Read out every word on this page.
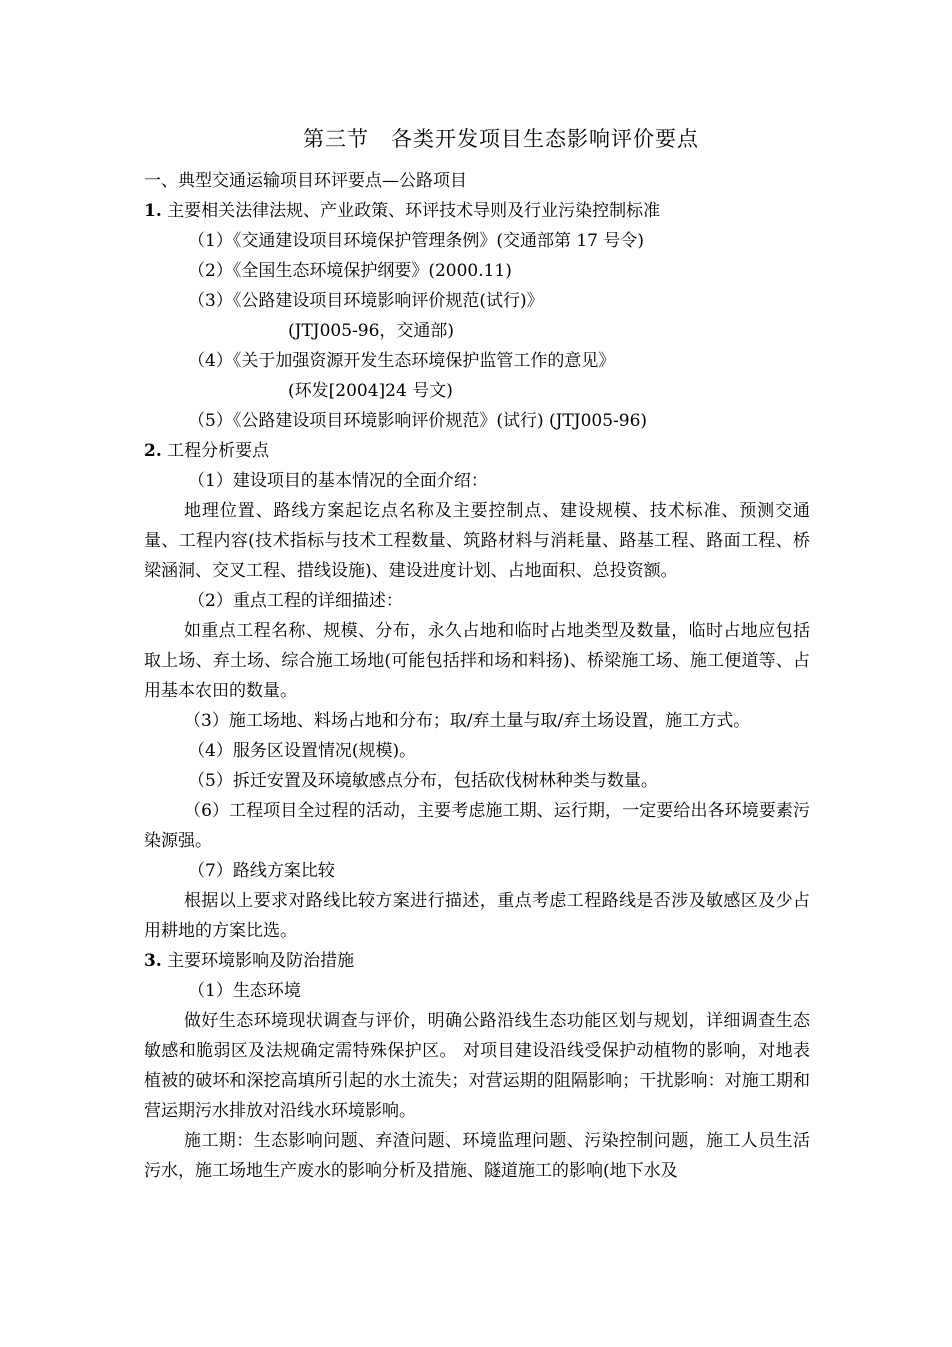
第三节　各类开发项目生态影响评价要点

一、典型交通运输项目环评要点—公路项目

1. 主要相关法律法规、产业政策、环评技术导则及行业污染控制标准

（1）《交通建设项目环境保护管理条例》(交通部第 17 号令)

（2）《全国生态环境保护纲要》(2000.11)

（3）《公路建设项目环境影响评价规范(试行)》

(JTJ005-96，交通部)

（4）《关于加强资源开发生态环境保护监管工作的意见》

(环发[2004]24 号文)

（5）《公路建设项目环境影响评价规范》(试行) (JTJ005-96)

2. 工程分析要点

（1）建设项目的基本情况的全面介绍：

地理位置、路线方案起讫点名称及主要控制点、建设规模、技术标准、预测交通量、工程内容(技术指标与技术工程数量、筑路材料与消耗量、路基工程、路面工程、桥梁涵洞、交叉工程、措线设施)、建设进度计划、占地面积、总投资额。

（2）重点工程的详细描述：

如重点工程名称、规模、分布，永久占地和临时占地类型及数量，临时占地应包括取上场、弃土场、综合施工场地(可能包括拌和场和料扬)、桥梁施工场、施工便道等、占用基本农田的数量。

（3）施工场地、料场占地和分布；取/弃土量与取/弃土场设置，施工方式。

（4）服务区设置情况(规模)。

（5）拆迁安置及环境敏感点分布，包括砍伐树林种类与数量。

（6）工程项目全过程的活动，主要考虑施工期、运行期，一定要给出各环境要素污染源强。

（7）路线方案比较

根据以上要求对路线比较方案进行描述，重点考虑工程路线是否涉及敏感区及少占用耕地的方案比选。

3. 主要环境影响及防治措施

（1）生态环境

做好生态环境现状调查与评价，明确公路沿线生态功能区划与规划，详细调查生态敏感和脆弱区及法规确定需特殊保护区。 对项目建设沿线受保护动植物的影响，对地表植被的破坏和深挖高填所引起的水土流失；对营运期的阻隔影响；干扰影响：对施工期和营运期污水排放对沿线水环境影响。

施工期：生态影响问题、弃渣问题、环境监理问题、污染控制问题，施工人员生活污水，施工场地生产废水的影响分析及措施、隧道施工的影响(地下水及
